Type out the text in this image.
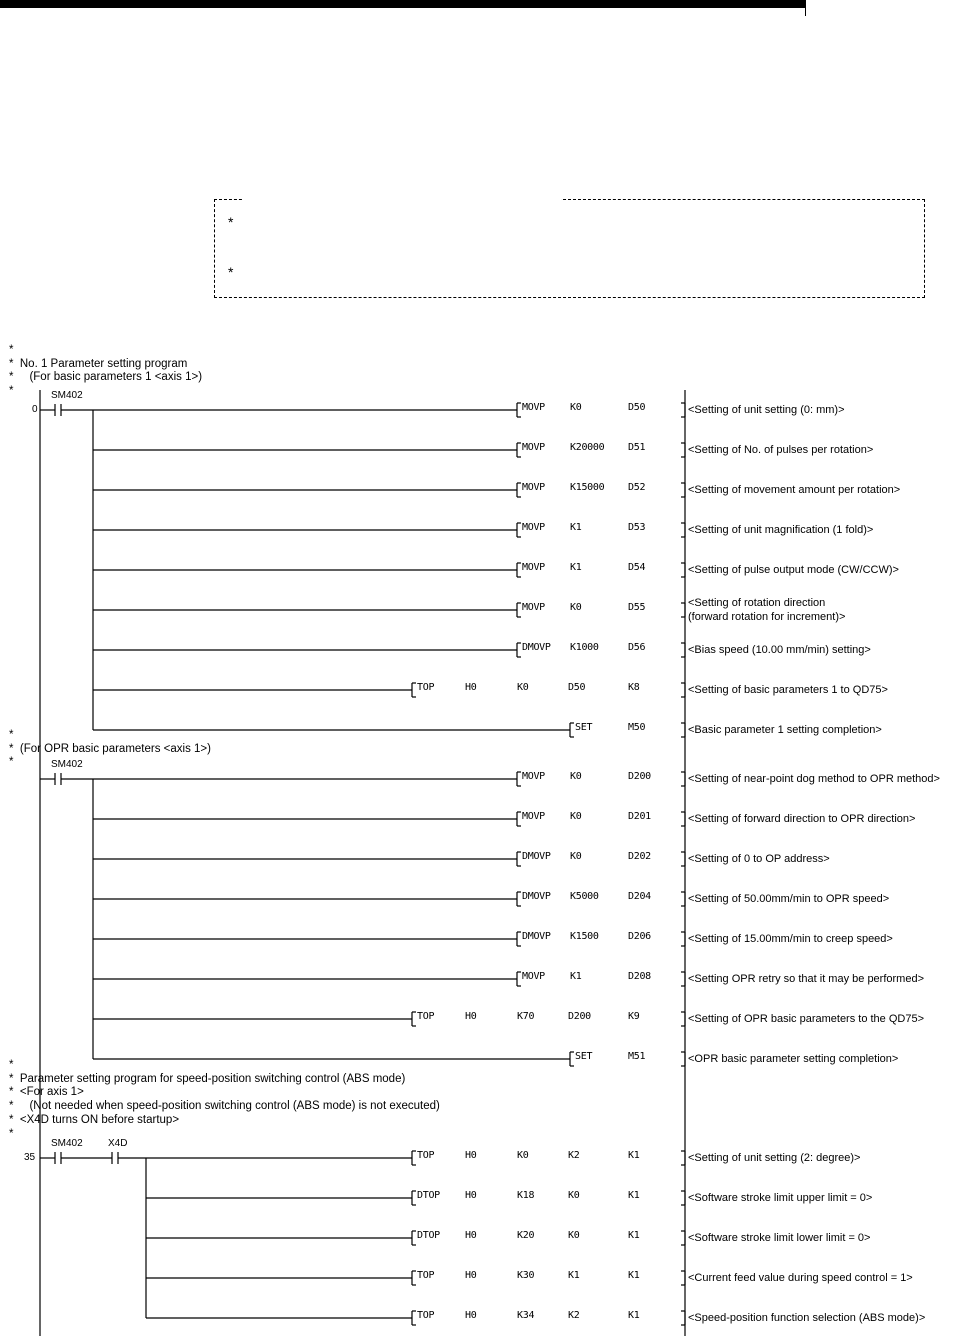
*
*
*
*  No. 1 Parameter setting program
*     (For basic parameters 1 <axis 1>)
*
0
SM402
MOVP	K0	D50	<Setting of unit setting (0: mm)>
MOVP	K20000 D51	<Setting of No. of pulses per rotation>
MOVP	K15000 D52	<Setting of movement amount per rotation>
MOVP	K1	D53	<Setting of unit magnification (1 fold)>
MOVP	K1	D54	<Setting of pulse output mode (CW/CCW)>
MOVP	K0	D55	<Setting of rotation direction
(forward rotation for increment)>
DMOVP K1000	D56	<Bias speed (10.00 mm/min) setting>
TOP	H0	K0	D50	K8	<Setting of basic parameters 1 to QD75>
SET	M50	<Basic parameter 1 setting completion>
*
*  (For OPR basic parameters <axis 1>)
*	SM402
MOVP	K0	D200	<Setting of near-point dog method to OPR method>
MOVP	K0	D201	<Setting of forward direction to OPR direction>
DMOVP K0	D202	<Setting of 0 to OP address>
DMOVP K5000	D204	<Setting of 50.00mm/min to OPR speed>
DMOVP K1500	D206	<Setting of 15.00mm/min to creep speed>
MOVP	K1	D208	<Setting OPR retry so that it may be performed>
TOP	H0	K70	D200	K9	<Setting of OPR basic parameters to the QD75>
SET	M51	<OPR basic parameter setting completion>
*
*  Parameter setting program for speed-position switching control (ABS mode)
*  <For axis 1>
*     (Not needed when speed-position switching control (ABS mode) is not executed)
*  <X4D turns ON before startup>
*
35
SM402	X4D
TOP	H0	K0	K2	K1	<Setting of unit setting (2: degree)>
DTOP	H0	K18	K0	K1	<Software stroke limit upper limit = 0>
DTOP	H0	K20	K0	K1	<Software stroke limit lower limit = 0>
TOP	H0	K30	K1	K1	<Current feed value during speed control = 1>
TOP	H0	K34	K2	K1	<Speed-position function selection (ABS mode)>
